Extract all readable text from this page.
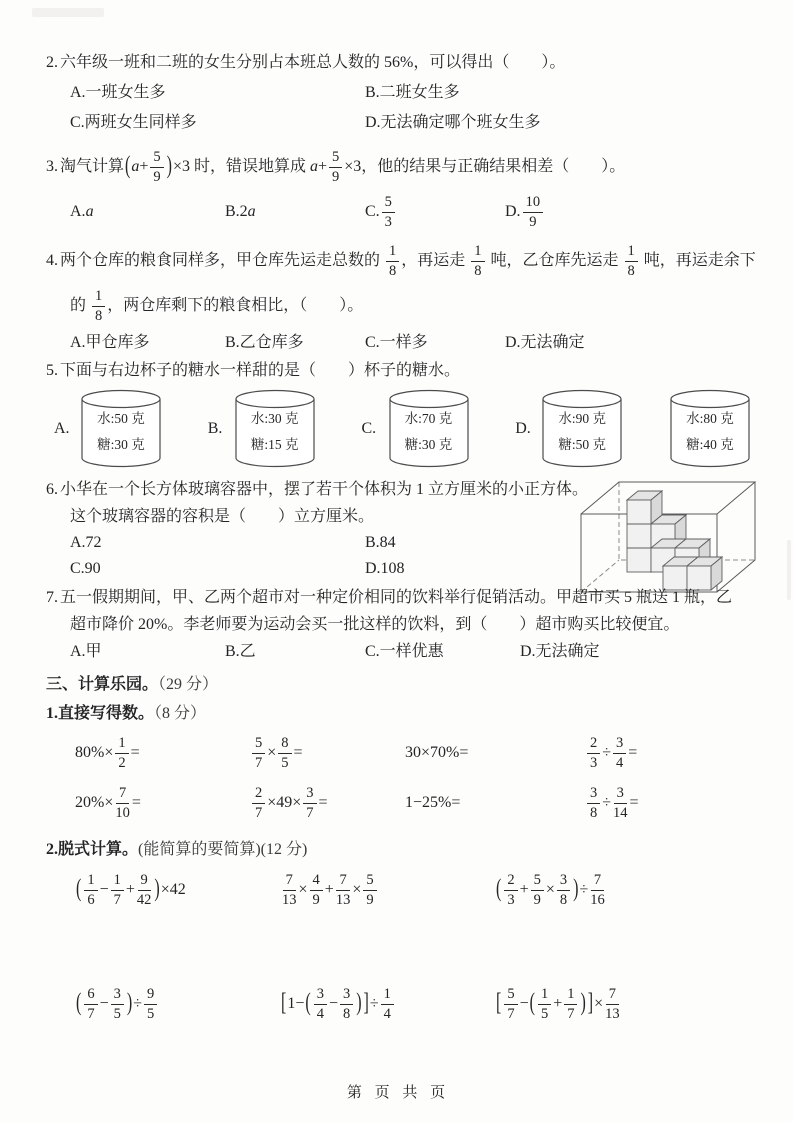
2. 六年级一班和二班的女生分别占本班总人数的 56%，可以得出（　　）。
A.一班女生多	B.二班女生多
C.两班女生同样多	D.无法确定哪个班女生多
3. 淘气计算$(a+ \frac{5}{9} )\times 3$ 时，错误地算成 $a+ \frac{5}{9} \times 3$，他的结果与正确结果相差（　　）。
A.a	B.2a	C. $\frac{5}{3}$	D. $\frac{10}{9}$
4. 两个仓库的粮食同样多，甲仓库先运走总数的 $\frac{1}{8}$ ，再运走 $\frac{1}{8}$ 吨，乙仓库先运走 $\frac{1}{8}$ 吨，再运走余下
的 $\frac{1}{8}$ ，两仓库剩下的粮食相比，（　　）。
A.甲仓库多	B.乙仓库多	C.一样多	D.无法确定
5. 下面与右边杯子的糖水一样甜的是（　　）杯子的糖水。
A.
水:50 克
糖:30 克
B.
水:30 克
糖:15 克
C.
水:70 克
糖:30 克
D.
水:90 克
糖:50 克
水:80 克
糖:40 克
6. 小华在一个长方体玻璃容器中，摆了若干个体积为 1 立方厘米的小正方体。
这个玻璃容器的容积是（　　）立方厘米。
A.72	B.84
C.90	D.108
7. 五一假期期间，甲、乙两个超市对一种定价相同的饮料举行促销活动。甲超市买 5 瓶送 1 瓶，乙
超市降价 20%。李老师要为运动会买一批这样的饮料，到（　　）超市购买比较便宜。
A.甲	B.乙	C.一样优惠	D.无法确定
三、计算乐园。（29 分）
1.直接写得数。（8 分）
$80\%\times \frac{1}{2}$ =	$\frac{5}{7} \times \frac{8}{5}$ =	30×70%=	$\frac{2}{3} \div \frac{3}{4}$ =
$20\%\times \frac{7}{10}$ =	$\frac{2}{7} \times 49\times \frac{3}{7}$ =	1−25%=	$\frac{3}{8} \div \frac{3}{14}$ =
2.脱式计算。(能简算的要简算)(12 分)
( $\frac{1}{6} - \frac{1}{7} + \frac{9}{42} )\times 42$	$\frac{7}{13} \times \frac{4}{9} + \frac{7}{13} \times \frac{5}{9}$	( $\frac{2}{3} + \frac{5}{9} \times \frac{3}{8}$ )÷ $\frac{7}{16}$
( $\frac{6}{7} - \frac{3}{5}$ )÷ $\frac{9}{5}$	[$1-( \frac{3}{4} - \frac{3}{8}$ ) ]÷ $\frac{1}{4}$	[ $\frac{5}{7}$ −( $\frac{1}{5} + \frac{1}{7}$ ) ]× $\frac{7}{13}$
第 页 共 页
